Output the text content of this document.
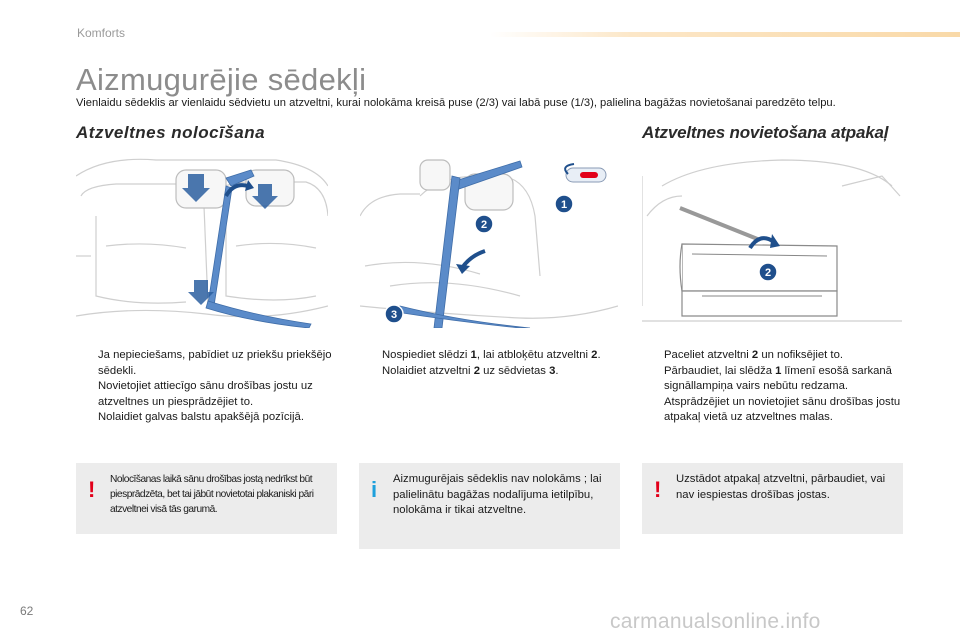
Komforts
Aizmugurējie sēdekļi
Vienlaidu sēdeklis ar vienlaidu sēdvietu un atzveltni, kurai nolokāma kreisā puse (2/3) vai labā puse (1/3), palielina bagāžas novietošanai paredzēto telpu.
Atzveltnes nolocīšana	Atzveltnes novietošana atpakaļ
1
2
3
2
Ja nepieciešams, pabīdiet uz priekšu priekšējo sēdekli.
Novietojiet attiecīgo sānu drošības jostu uz atzveltnes un piesprādzējiet to.
Nolaidiet galvas balstu apakšējā pozīcijā.
Nospiediet slēdzi 1, lai atbloķētu atzveltni 2.
Nolaidiet atzveltni 2 uz sēdvietas 3.
Paceliet atzveltni 2 un nofiksējiet to.
Pārbaudiet, lai slēdža 1 līmenī esošā sarkanā signāllampiņa vairs nebūtu redzama.
Atsprādzējiet un novietojiet sānu drošības jostu atpakaļ vietā uz atzveltnes malas.
! Nolocīšanas laikā sānu drošības jostą nedrīkst būt piesprādzēta, bet tai jābūt novietotai plakaniski pāri atzveltnei visā tās garumā.
i Aizmugurējais sēdeklis nav nolokāms ; lai palielinātu bagāžas nodalījuma ietilpību, nolokāma ir tikai atzveltne.
! Uzstādot atpakaļ atzveltni, pārbaudiet, vai nav iespiestas drošības jostas.
62	carmanualsonline.info
